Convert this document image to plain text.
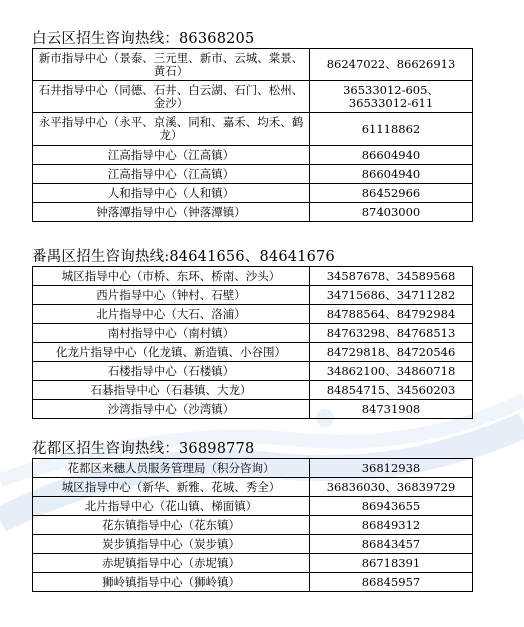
白云区招生咨询热线：86368205
新市指导中心（景泰、三元里、新市、云城、棠景、黄石）	86247022、86626913
石井指导中心（同德、石井、白云湖、石门、松州、金沙）	36533012-605、36533012-611
永平指导中心（永平、京溪、同和、嘉禾、均禾、鹤龙）	61118862
江高指导中心（江高镇）	86604940
江高指导中心（江高镇）	86604940
人和指导中心（人和镇）	86452966
钟落潭指导中心（钟落潭镇）	87403000
番禺区招生咨询热线:84641656、84641676
城区指导中心（市桥、东环、桥南、沙头）	34587678、34589568
西片指导中心（钟村、石壁）	34715686、34711282
北片指导中心（大石、洛浦）	84788564、84792984
南村指导中心（南村镇）	84763298、84768513
化龙片指导中心（化龙镇、新造镇、小谷围）	84729818、84720546
石楼指导中心（石楼镇）	34862100、34860718
石碁指导中心（石碁镇、大龙）	84854715、34560203
沙湾指导中心（沙湾镇）	84731908
花都区招生咨询热线：36898778
花都区来穗人员服务管理局（积分咨询）	36812938
城区指导中心（新华、新雅、花城、秀全）	36836030、36839729
北片指导中心（花山镇、梯面镇）	86943655
花东镇指导中心（花东镇）	86849312
炭步镇指导中心（炭步镇）	86843457
赤坭镇指导中心（赤坭镇）	86718391
狮岭镇指导中心（狮岭镇）	86845957
